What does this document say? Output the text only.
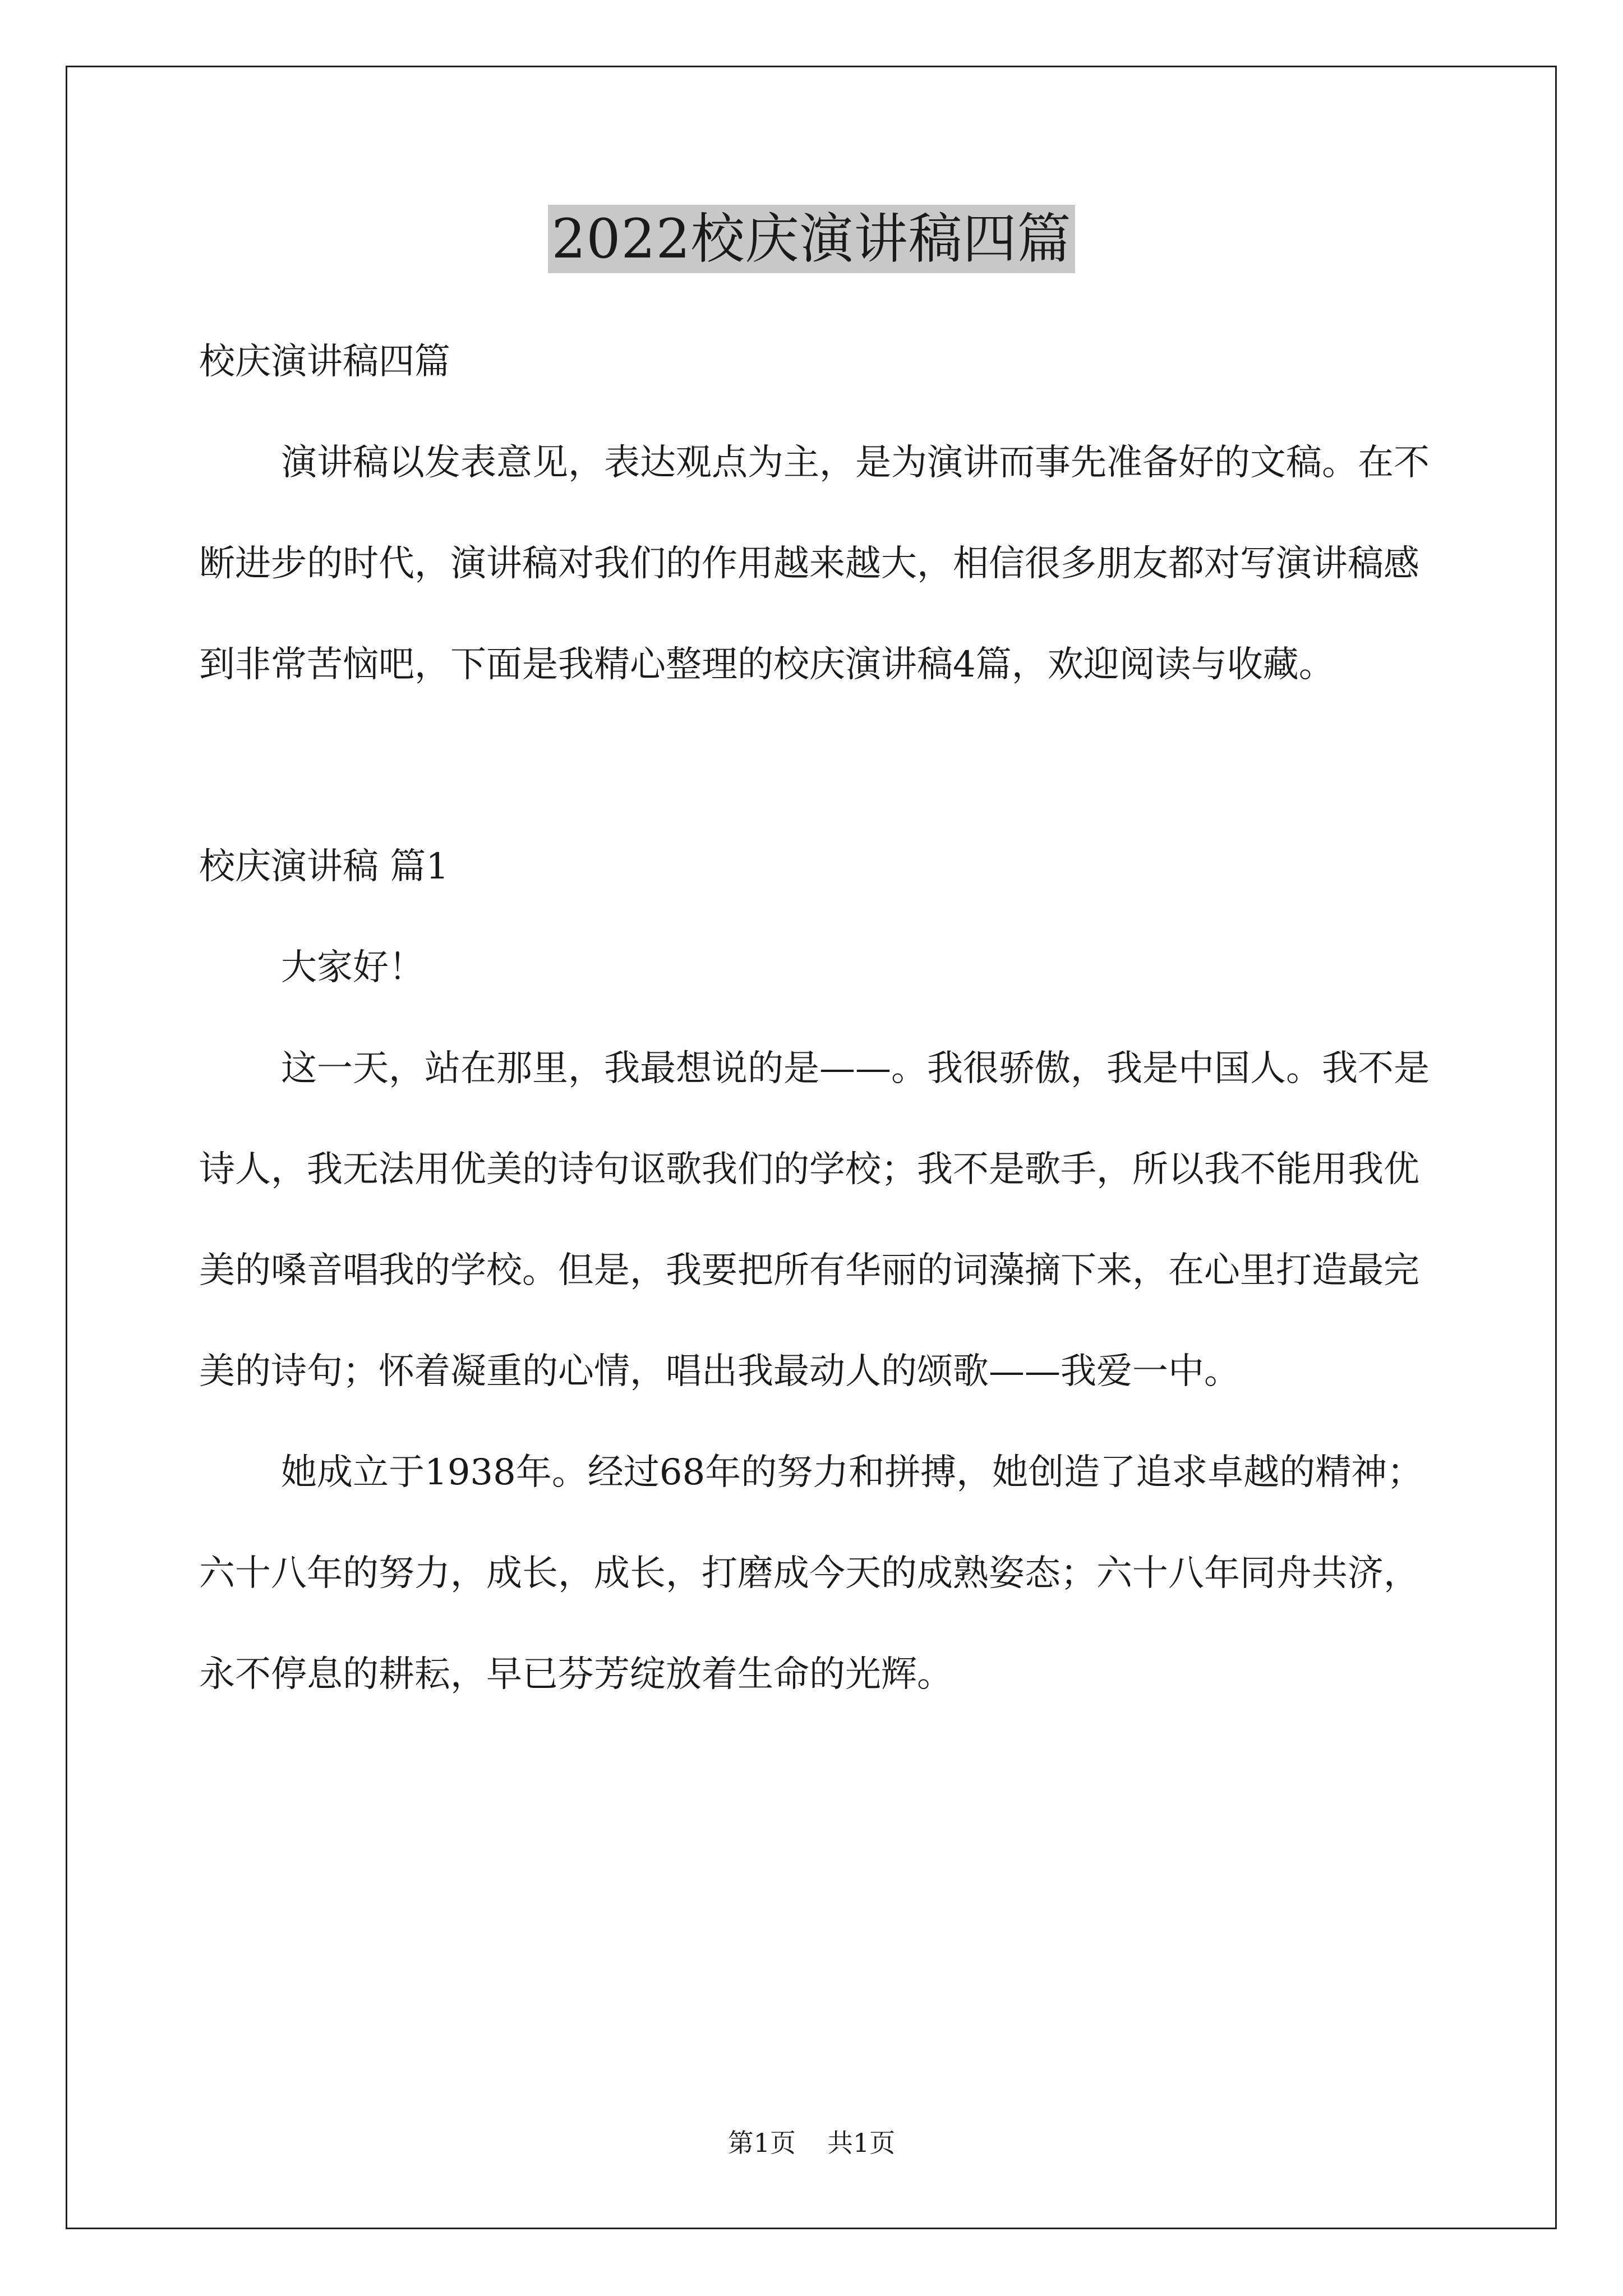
2022校庆演讲稿四篇

校庆演讲稿四篇

演讲稿以发表意见，表达观点为主，是为演讲而事先准备好的文稿。在不断进步的时代，演讲稿对我们的作用越来越大，相信很多朋友都对写演讲稿感到非常苦恼吧，下面是我精心整理的校庆演讲稿4篇，欢迎阅读与收藏。

校庆演讲稿 篇1

大家好！

这一天，站在那里，我最想说的是——。我很骄傲，我是中国人。我不是诗人，我无法用优美的诗句讴歌我们的学校；我不是歌手，所以我不能用我优美的嗓音唱我的学校。但是，我要把所有华丽的词藻摘下来，在心里打造最完美的诗句；怀着凝重的心情，唱出我最动人的颂歌——我爱一中。

她成立于1938年。经过68年的努力和拼搏，她创造了追求卓越的精神；六十八年的努力，成长，成长，打磨成今天的成熟姿态；六十八年同舟共济，永不停息的耕耘，早已芬芳绽放着生命的光辉。

第1页 共1页
